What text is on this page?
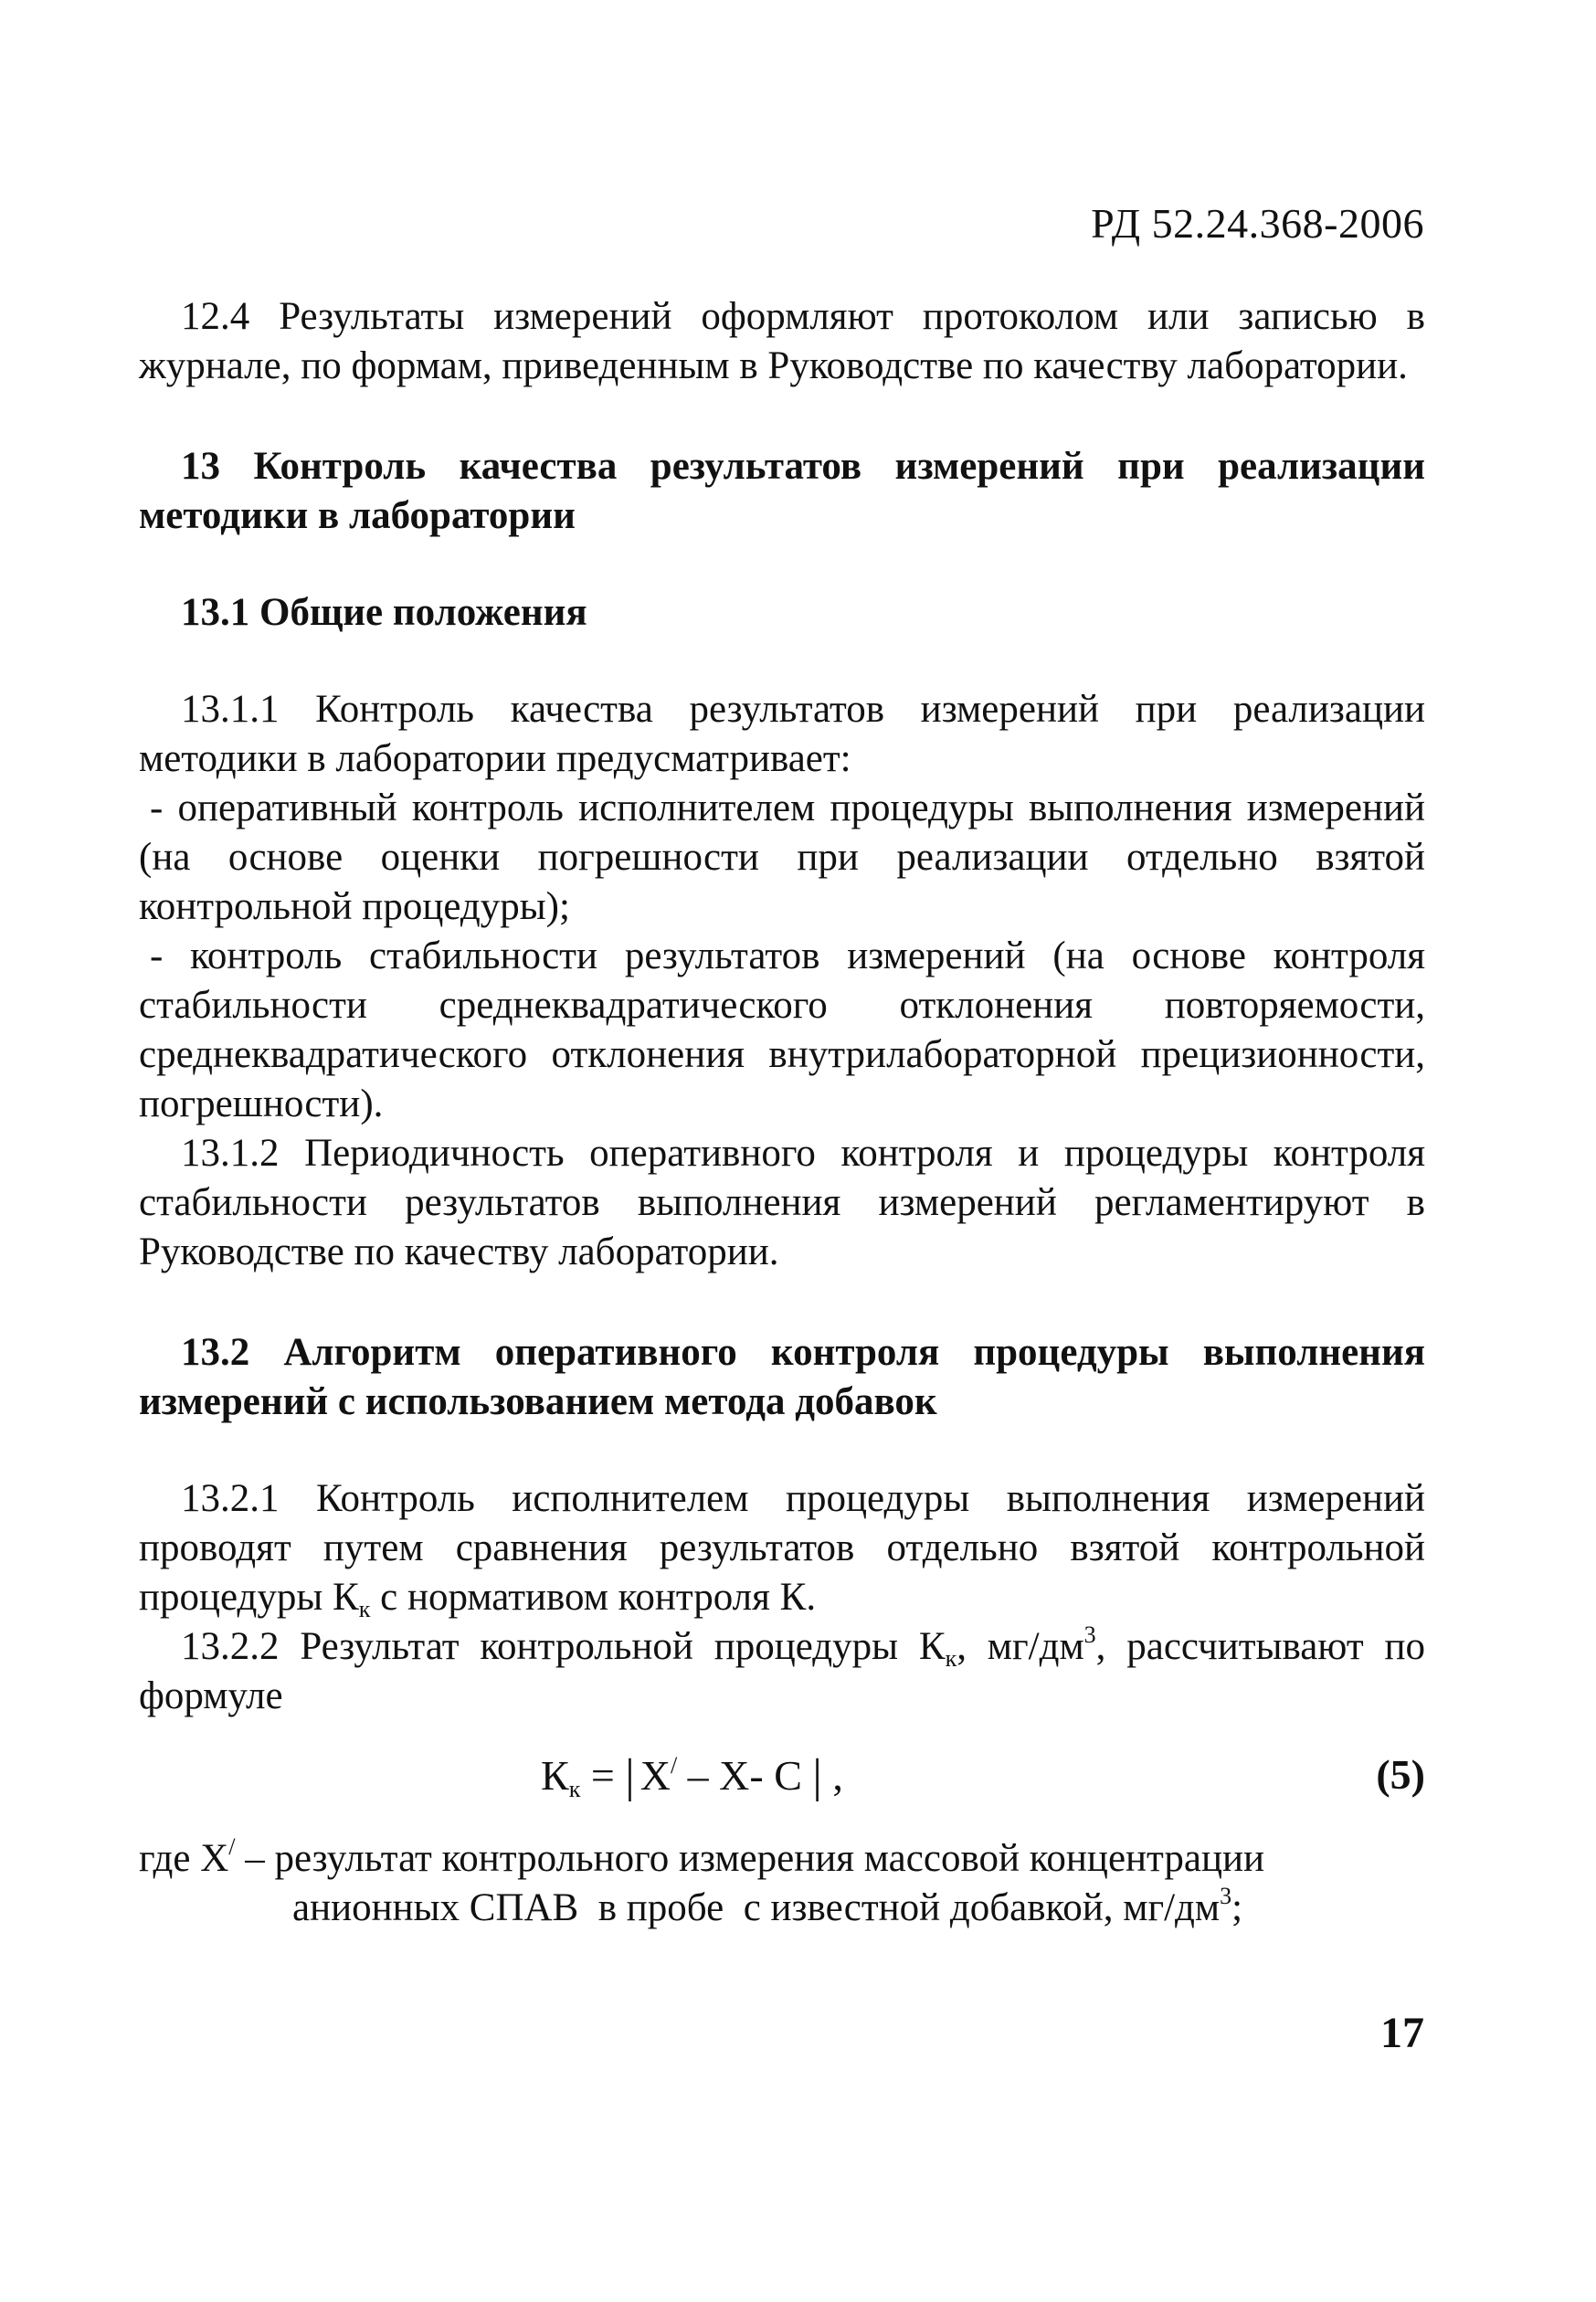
РД 52.24.368-2006

12.4 Результаты измерений оформляют протоколом или записью в журнале, по формам, приведенным в Руководстве по качеству лаборатории.

13 Контроль качества результатов измерений при реализации методики в лаборатории

13.1 Общие положения

13.1.1 Контроль качества результатов измерений при реализации методики в лаборатории предусматривает:

- оперативный контроль исполнителем процедуры выполнения измерений (на основе оценки погрешности при реализации отдельно взятой контрольной процедуры);

- контроль стабильности результатов измерений (на основе контроля стабильности среднеквадратического отклонения повторяемости, среднеквадратического отклонения внутрилабораторной прецизионности, погрешности).

13.1.2 Периодичность оперативного контроля и процедуры контроля стабильности результатов выполнения измерений регламентируют в Руководстве по качеству лаборатории.

13.2 Алгоритм оперативного контроля процедуры выполнения измерений с использованием метода добавок

13.2.1 Контроль исполнителем процедуры выполнения измерений проводят путем сравнения результатов отдельно взятой контрольной процедуры $К_к$ с нормативом контроля К.

13.2.2 Результат контрольной процедуры $К_к$, $мг/дм^3$, рассчитывают по формуле

$К_к$ = | X/ – X- C | ,	(5)
где X/ – результат контрольного измерения массовой концентрации
анионных СПАВ  в пробе  с известной добавкой, $мг/дм^3$;
17
